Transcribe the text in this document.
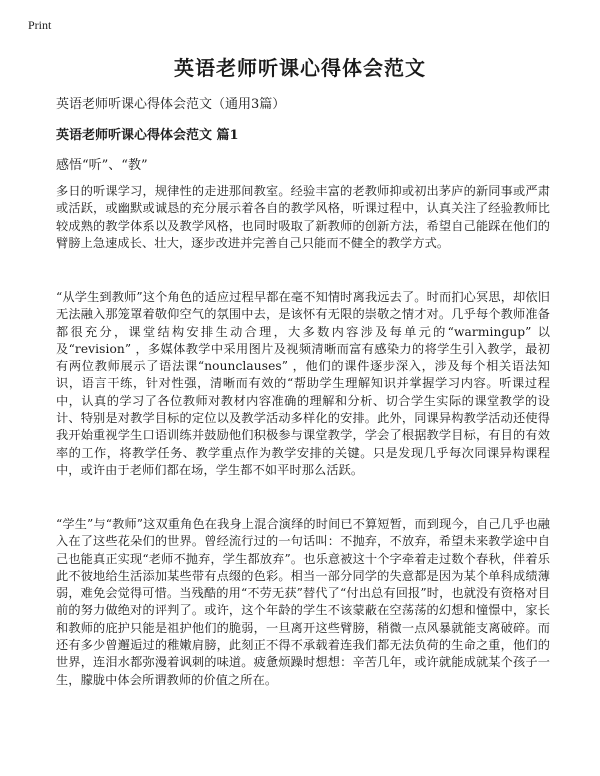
Print
英语老师听课心得体会范文
英语老师听课心得体会范文（通用3篇）
英语老师听课心得体会范文 篇1
感悟“听”、“教”

多日的听课学习，规律性的走进那间教室。经验丰富的老教师抑或初出茅庐的新同事或严肃或活跃，或幽默或诚恳的充分展示着各自的教学风格，听课过程中，认真关注了经验教师比较成熟的教学体系以及教学风格，也同时吸取了新教师的创新方法，希望自己能踩在他们的臂膀上急速成长、壮大，逐步改进并完善自己只能而不健全的教学方式。

“从学生到教师”这个角色的适应过程早都在毫不知情时离我远去了。时而扪心冥思，却依旧无法融入那笼罩着敬仰空气的氛围中去，是该怀有无限的崇敬之情才对。几乎每个教师准备都很充分，课堂结构安排生动合理，大多数内容涉及每单元的“warmingup” 以及“revision” ，多媒体教学中采用图片及视频清晰而富有感染力的将学生引入教学，最初有两位教师展示了语法课“nounclauses” ，他们的课件逐步深入，涉及每个相关语法知识，语言干练，针对性强，清晰而有效的“帮助学生理解知识并掌握学习内容。听课过程中，认真的学习了各位教师对教材内容准确的理解和分析、切合学生实际的课堂教学的设计、特别是对教学目标的定位以及教学活动多样化的安排。此外，同课异构教学活动还使得我开始重视学生口语训练并鼓励他们积极参与课堂教学，学会了根据教学目标，有目的有效率的工作，将教学任务、教学重点作为教学安排的关键。只是发现几乎每次同课异构课程中，或许由于老师们都在场，学生都不如平时那么活跃。

“学生”与“教师”这双重角色在我身上混合演绎的时间已不算短暂，而到现今，自己几乎也融入在了这些花朵们的世界。曾经流行过的一句话叫：不抛弃，不放弃，希望未来教学途中自己也能真正实现“老师不抛弃，学生都放弃”。也乐意被这十个字牵着走过数个春秋，伴着乐此不彼地给生活添加某些带有点缀的色彩。相当一部分同学的失意都是因为某个单科成绩薄弱，难免会觉得可惜。当残酷的用“不劳无获”替代了“付出总有回报”时，也就没有资格对目前的努力做绝对的评判了。或许，这个年龄的学生不该蒙蔽在空荡荡的幻想和憧憬中，家长和教师的庇护只能是祖护他们的脆弱，一旦离开这些臂膀，稍微一点风暴就能支离破碎。而还有多少曾邂逅过的稚嫩肩膀，此刻正不得不承载着连我们都无法负荷的生命之重，他们的世界，连泪水都弥漫着讽刺的味道。疲惫烦躁时想想：辛苦几年，或许就能成就某个孩子一生，朦胧中体会所谓教师的价值之所在。
